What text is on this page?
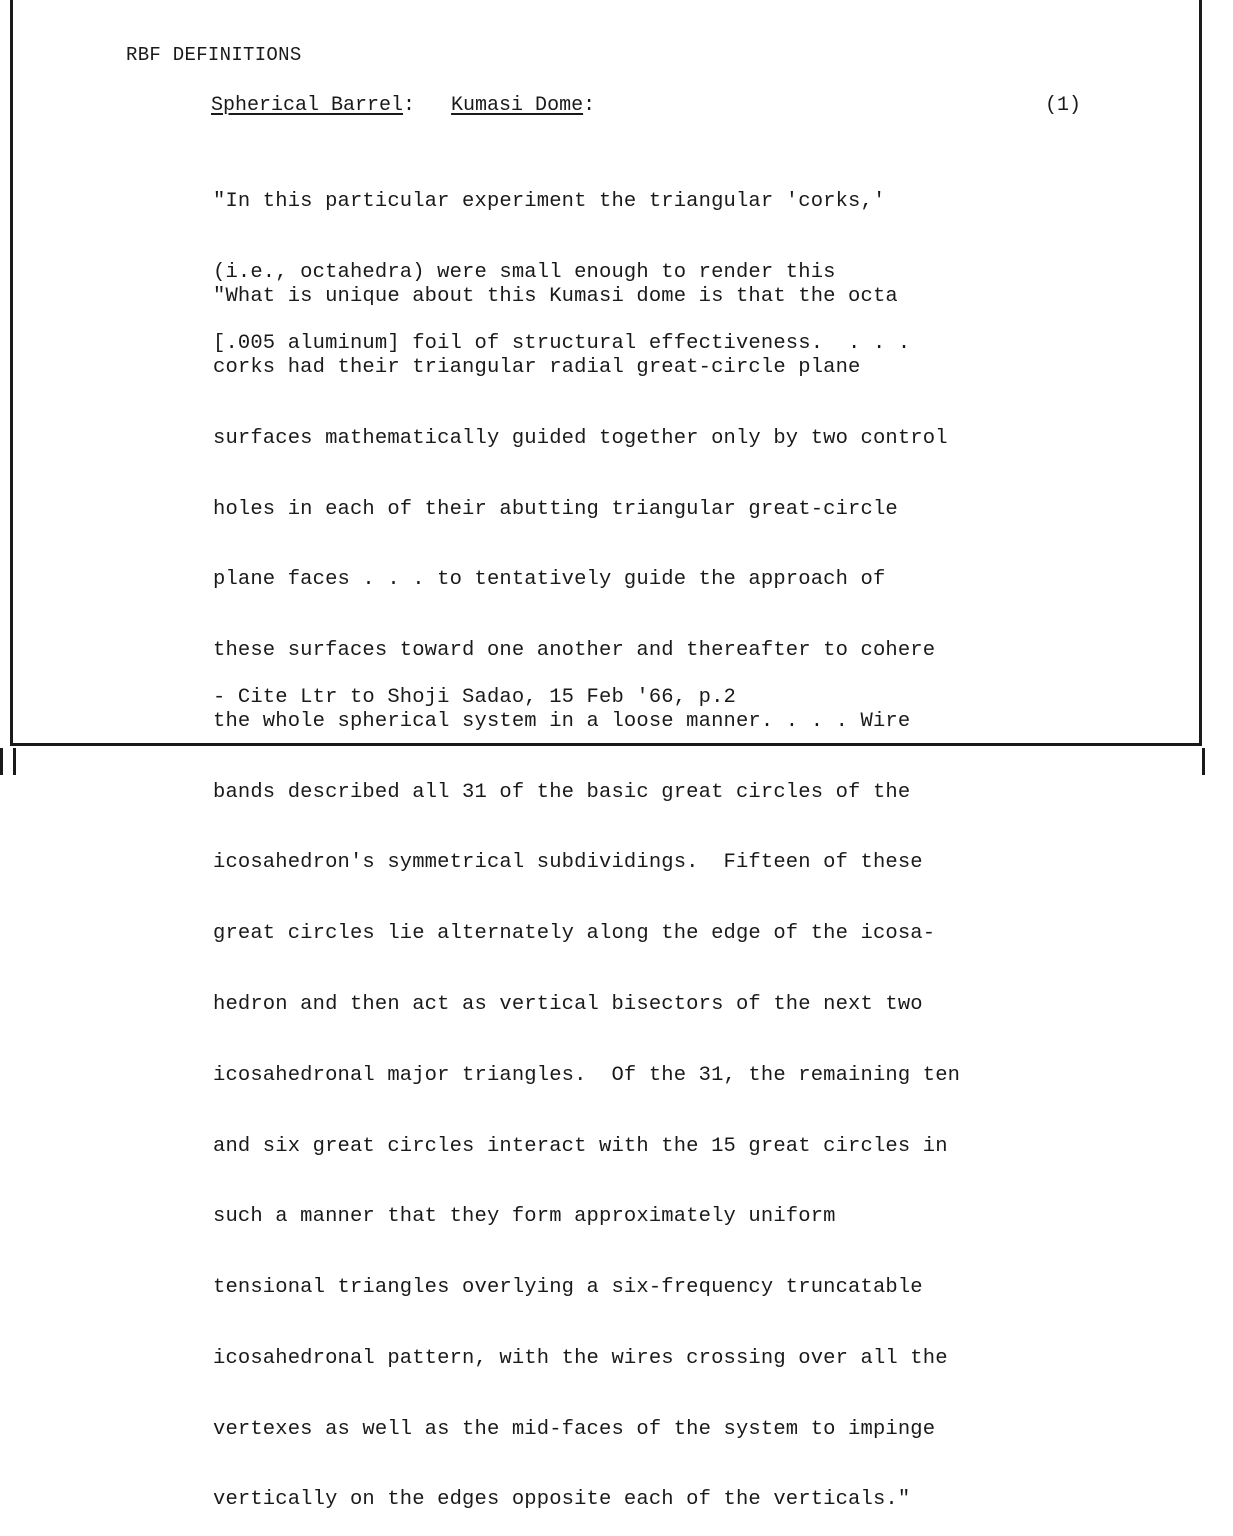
RBF DEFINITIONS
Spherical Barrel:   Kumasi Dome:	(1)

"In this particular experiment the triangular 'corks,'

(i.e., octahedra) were small enough to render this

[.005 aluminum] foil of structural effectiveness.  . . .

"What is unique about this Kumasi dome is that the octa

corks had their triangular radial great-circle plane

surfaces mathematically guided together only by two control

holes in each of their abutting triangular great-circle

plane faces . . . to tentatively guide the approach of

these surfaces toward one another and thereafter to cohere

the whole spherical system in a loose manner. . . . Wire

bands described all 31 of the basic great circles of the

icosahedron's symmetrical subdividings.  Fifteen of these

great circles lie alternately along the edge of the icosa-

hedron and then act as vertical bisectors of the next two

icosahedronal major triangles.  Of the 31, the remaining ten

and six great circles interact with the 15 great circles in

such a manner that they form approximately uniform

tensional triangles overlying a six-frequency truncatable

icosahedronal pattern, with the wires crossing over all the

vertexes as well as the mid-faces of the system to impinge

vertically on the edges opposite each of the verticals."

- Cite Ltr to Shoji Sadao, 15 Feb '66, p.2
